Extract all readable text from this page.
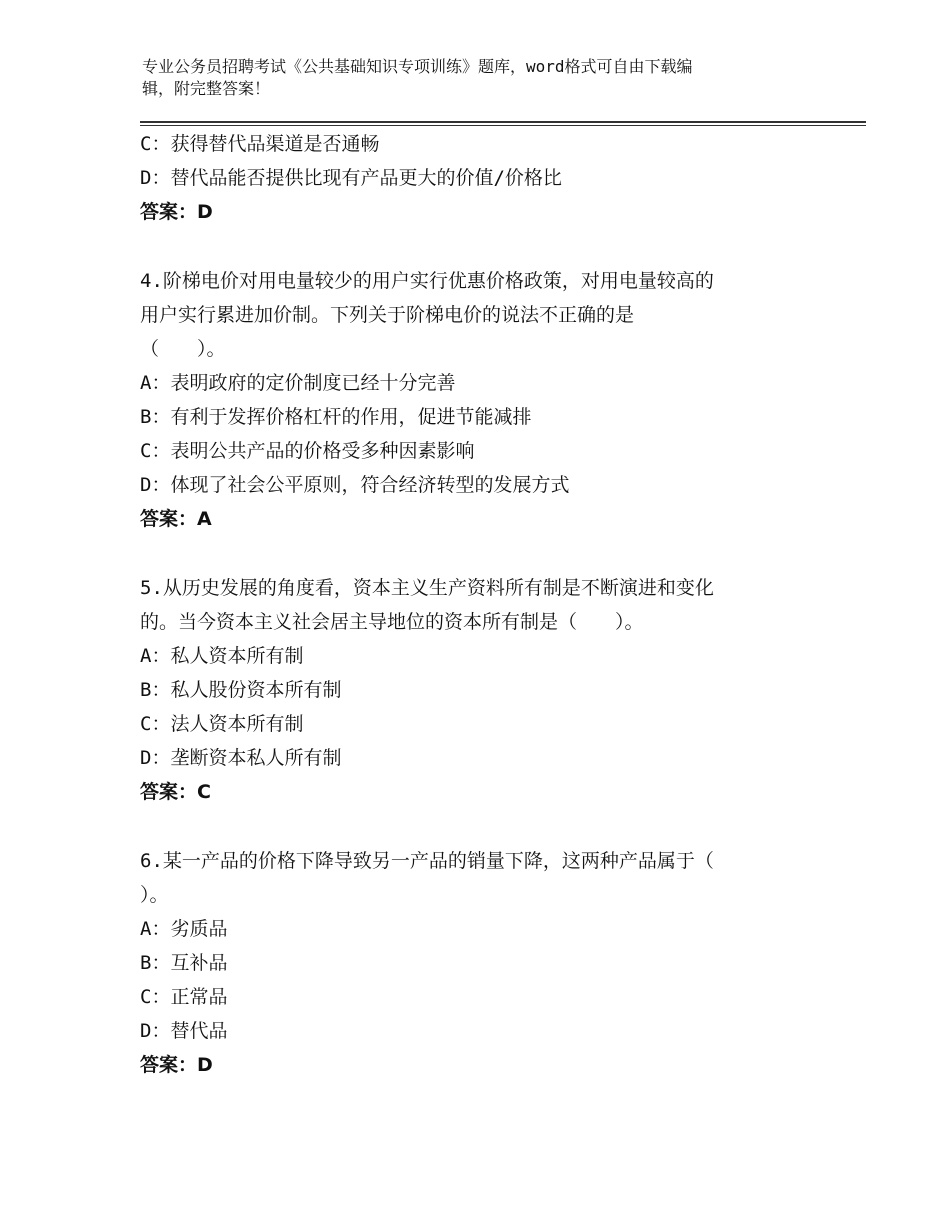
专业公务员招聘考试《公共基础知识专项训练》题库，word格式可自由下载编
辑，附完整答案！
C：获得替代品渠道是否通畅
D：替代品能否提供比现有产品更大的价值/价格比
答案：D
4.阶梯电价对用电量较少的用户实行优惠价格政策，对用电量较高的
用户实行累进加价制。下列关于阶梯电价的说法不正确的是
（　　）。
A：表明政府的定价制度已经十分完善
B：有利于发挥价格杠杆的作用，促进节能减排
C：表明公共产品的价格受多种因素影响
D：体现了社会公平原则，符合经济转型的发展方式
答案：A
5.从历史发展的角度看，资本主义生产资料所有制是不断演进和变化
的。当今资本主义社会居主导地位的资本所有制是（　　）。
A：私人资本所有制
B：私人股份资本所有制
C：法人资本所有制
D：垄断资本私人所有制
答案：C
6.某一产品的价格下降导致另一产品的销量下降，这两种产品属于（
）。
A：劣质品
B：互补品
C：正常品
D：替代品
答案：D
